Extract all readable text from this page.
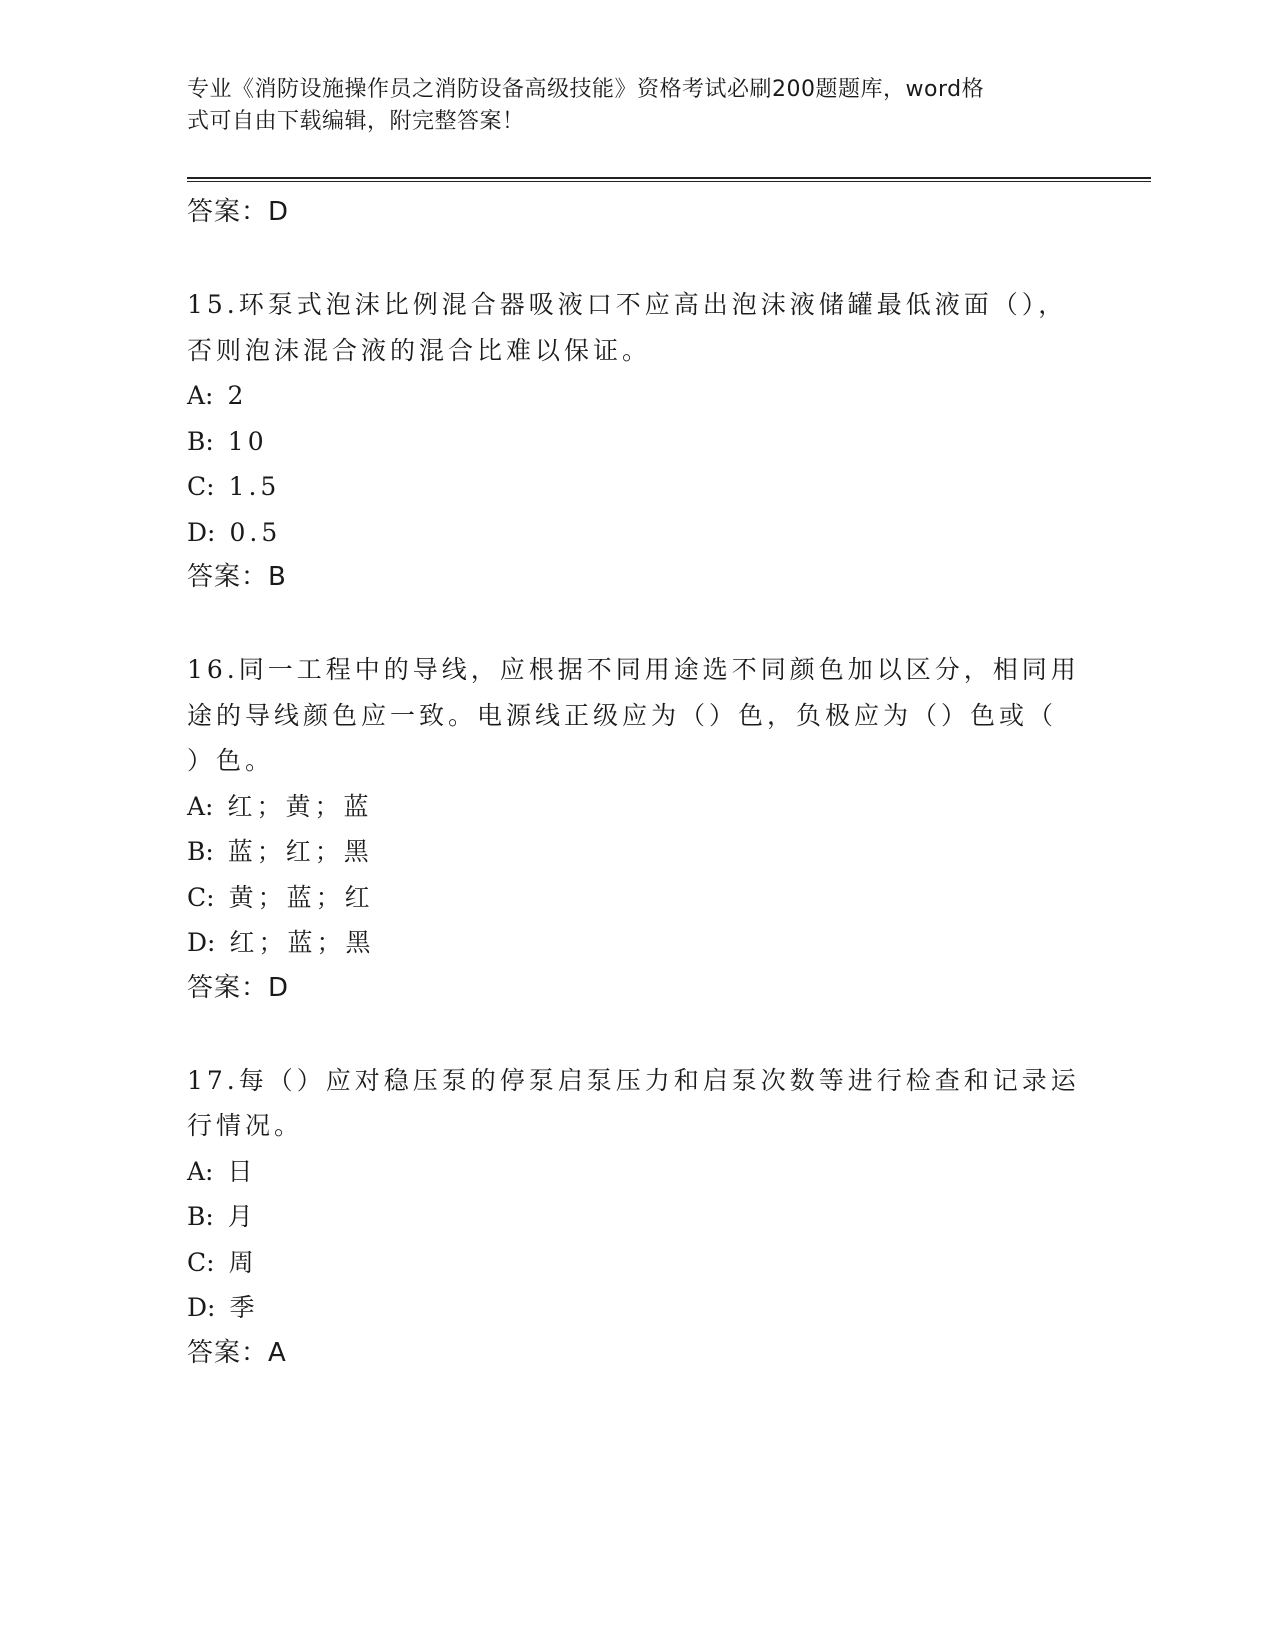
专业《消防设施操作员之消防设备高级技能》资格考试必刷200题题库，word格
式可自由下载编辑，附完整答案！
答案：D
15.环泵式泡沫比例混合器吸液口不应高出泡沫液储罐最低液面（），
否则泡沫混合液的混合比难以保证。
A: 2
B: 10
C: 1.5
D: 0.5
答案：B
16.同一工程中的导线，应根据不同用途选不同颜色加以区分，相同用
途的导线颜色应一致。电源线正级应为（）色，负极应为（）色或（
）色。
A: 红；黄；蓝
B: 蓝；红；黑
C: 黄；蓝；红
D: 红；蓝；黑
答案：D
17.每（）应对稳压泵的停泵启泵压力和启泵次数等进行检查和记录运
行情况。
A: 日
B: 月
C: 周
D: 季
答案：A
